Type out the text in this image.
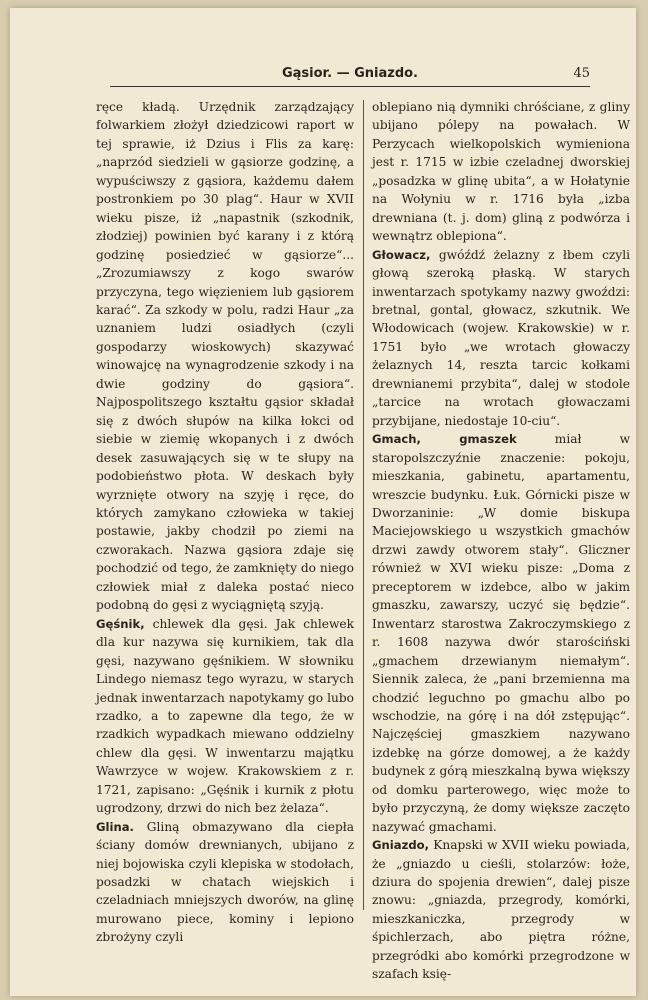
Gąsior. — Gniazdo.	45

ręce kładą. Urzędnik zarządzający folwarkiem złożył dziedzicowi raport w tej sprawie, iż Dzius i Flis za karę: „naprzód siedzieli w gąsiorze godzinę, a wypuściwszy z gąsiora, każdemu dałem postronkiem po 30 plag“. Haur w XVII wieku pisze, iż „napastnik (szkodnik, złodziej) powinien być karany i z którą godzinę posiedzieć w gąsiorze“... „Zrozumiawszy z kogo swarów przyczyna, tego więzieniem lub gąsiorem karać“. Za szkody w polu, radzi Haur „za uznaniem ludzi osiadłych (czyli gospodarzy wioskowych) skazywać winowajcę na wynagrodzenie szkody i na dwie godziny do gąsiora“. Najpospolitszego kształtu gąsior składał się z dwóch słupów na kilka łokci od siebie w ziemię wkopanych i z dwóch desek zasuwających się w te słupy na podobieństwo płota. W deskach były wyrznięte otwory na szyję i ręce, do których zamykano człowieka w takiej postawie, jakby chodził po ziemi na czworakach. Nazwa gąsiora zdaje się pochodzić od tego, że zamknięty do niego człowiek miał z daleka postać nieco podobną do gęsi z wyciągniętą szyją.

Gęśnik, chlewek dla gęsi. Jak chlewek dla kur nazywa się kurnikiem, tak dla gęsi, nazywano gęśnikiem. W słowniku Lindego niemasz tego wyrazu, w starych jednak inwentarzach napotykamy go lubo rzadko, a to zapewne dla tego, że w rzadkich wypadkach miewano oddzielny chlew dla gęsi. W inwentarzu majątku Wawrzyce w wojew. Krakowskiem z r. 1721, zapisano: „Gęśnik i kurnik z płotu ugrodzony, drzwi do nich bez żelaza“.

Glina. Gliną obmazywano dla ciepła ściany domów drewnianych, ubijano z niej bojowiska czyli klepiska w stodołach, posadzki w chatach wiejskich i czeladniach mniejszych dworów, na glinę murowano piece, kominy i lepiono zbrożyny czyli

oblepiano nią dymniki chróściane, z gliny ubijano pólepy na powałach. W Perzycach wielkopolskich wymieniona jest r. 1715 w izbie czeladnej dworskiej „posadzka w glinę ubita“, a w Hołatynie na Wołyniu w r. 1716 była „izba drewniana (t. j. dom) gliną z podwórza i wewnątrz oblepiona“.

Głowacz, gwóźdź żelazny z łbem czyli głową szeroką płaską. W starych inwentarzach spotykamy nazwy gwoździ: bretnal, gontal, głowacz, szkutnik. We Włodowicach (wojew. Krakowskie) w r. 1751 było „we wrotach głowaczy żelaznych 14, reszta tarcic kołkami drewnianemi przybita“, dalej w stodole „tarcice na wrotach głowaczami przybijane, niedostaje 10-ciu“.

Gmach, gmaszek	miał w staropolszczyźnie znaczenie: pokoju, mieszkania, gabinetu, apartamentu, wreszcie budynku. Łuk. Górnicki pisze w Dworzaninie: „W domie biskupa Maciejowskiego u wszystkich gmachów drzwi zawdy otworem stały“. Gliczner również w XVI wieku pisze: „Doma z preceptorem w izdebce, albo w jakim gmaszku, zawarszy, uczyć się będzie“. Inwentarz starostwa Zakroczymskiego z r. 1608 nazywa dwór starościński „gmachem drzewianym niemałym“. Siennik zaleca, że „pani brzemienna ma chodzić leguchno po gmachu albo po wschodzie, na górę i na dół zstępując“. Najczęściej gmaszkiem nazywano izdebkę na górze domowej, a że każdy budynek z górą mieszkalną bywa większy od domku parterowego, więc może to było przyczyną, że domy większe zaczęto nazywać gmachami.

Gniazdo, Knapski w XVII wieku powiada, że „gniazdo u cieśli, stolarzów: łoże, dziura do spojenia drewien“, dalej pisze znowu: „gniazda, przegrody, komórki, mieszkaniczka, przegrody w śpichlerzach, abo piętra różne, przegródki abo komórki przegrodzone w szafach księ-
